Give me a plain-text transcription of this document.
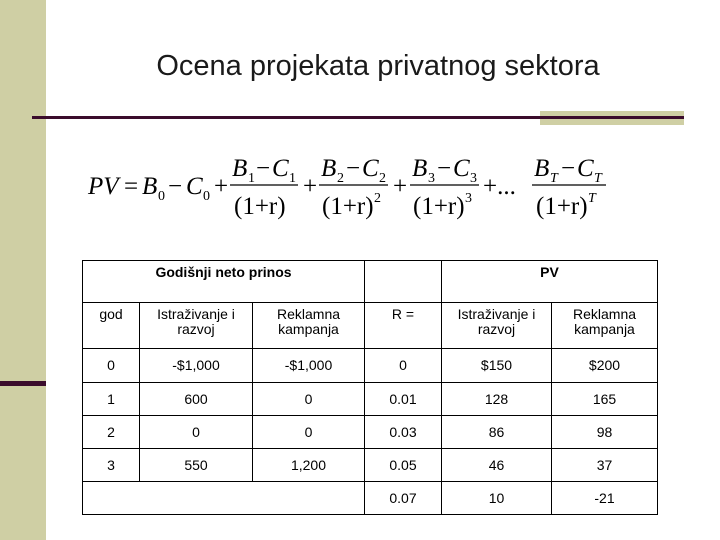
Ocena projekata privatnog sektora
PV = B 0 − C 0 +
B 1 − C 1
(1+r)
+
B 2 − C 2
(1+r) 2 +
B 3 − C 3
(1+r) 3 +...
B T − C T
(1+r) T
Godišnji neto prinos				PV	
god	Istraživanje i razvoj	Reklamna kampanja	R =	Istraživanje i razvoj	Reklamna kampanja
0	-$1,000	-$1,000	0	$150	$200
1	600	0	0.01	128	165
2	0	0	0.03	86	98
3	550	1,200	0.05	46	37
			0.07	10	-21
